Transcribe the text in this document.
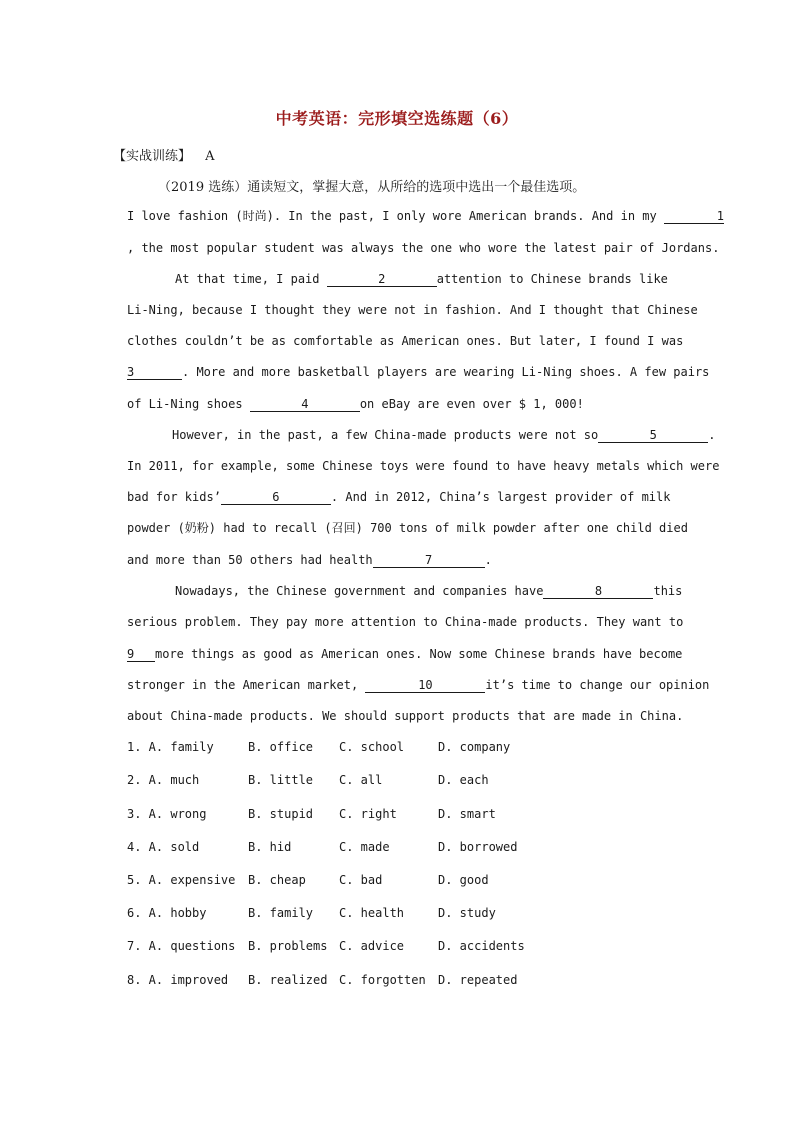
中考英语：完形填空选练题（6）
【实战训练】 A
（2019 选练）通读短文，掌握大意，从所给的选项中选出一个最佳选项。
I love fashion (时尚). In the past, I only wore American brands. And in my	1
, the most popular student was always the one who wore the latest pair of Jordans.
At that time, I paid	2	attention to Chinese brands like
Li-Ning, because I thought they were not in fashion. And I thought that Chinese
clothes couldn’t be as comfortable as American ones. But later, I found I was
3	. More and more basketball players are wearing Li-Ning shoes. A few pairs
of Li-Ning shoes	4	on eBay are even over $ 1, 000!
However, in the past, a few China-made products were not so	5	.
In 2011, for example, some Chinese toys were found to have heavy metals which were
bad for kids’	6	. And in 2012, China’s largest provider of milk
powder (奶粉) had to recall (召回) 700 tons of milk powder after one child died
and more than 50 others had health	7	.
Nowadays, the Chinese government and companies have	8	this
serious problem. They pay more attention to China-made products. They want to
9 more things as good as American ones. Now some Chinese brands have become
stronger in the American market,	10	it’s time to change our opinion
about China-made products. We should support products that are made in China.
1. A. family	B. office C. school	D. company
2. A. much	B. little C. all	D. each
3. A. wrong	B. stupid C. right	D. smart
4. A. sold	B. hid	C. made	D. borrowed
5. A. expensive B. cheap	C. bad	D. good
6. A. hobby	B. family C. health	D. study
7. A. questions B. problems C. advice	D. accidents
8. A. improved B. realized C. forgotten D. repeated
